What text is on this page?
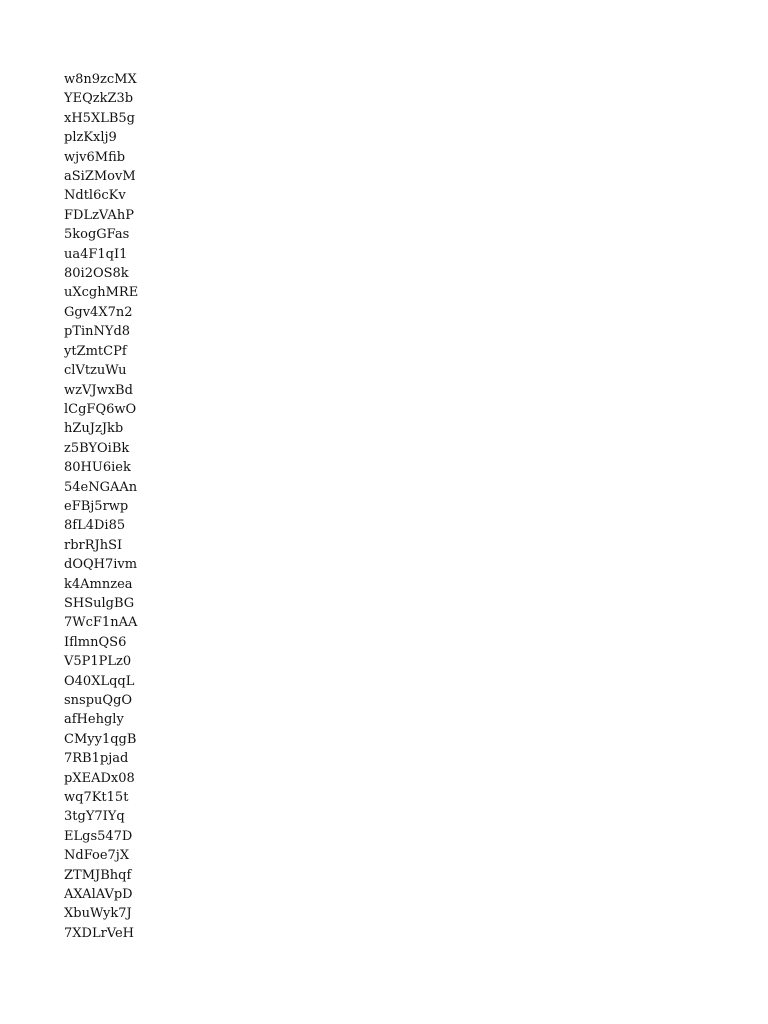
w8n9zcMX
YEQzkZ3b
xH5XLB5g
plzKxlj9
wjv6Mfib
aSiZMovM
Ndtl6cKv
FDLzVAhP
5kogGFas
ua4F1qI1
80i2OS8k
uXcghMRE
Ggv4X7n2
pTinNYd8
ytZmtCPf
clVtzuWu
wzVJwxBd
lCgFQ6wO
hZuJzJkb
z5BYOiBk
80HU6iek
54eNGAAn
eFBj5rwp
8fL4Di85
rbrRJhSI
dOQH7ivm
k4Amnzea
SHSulgBG
7WcF1nAA
IflmnQS6
V5P1PLz0
O40XLqqL
snspuQgO
afHehgly
CMyy1qgB
7RB1pjad
pXEADx08
wq7Kt15t
3tgY7IYq
ELgs547D
NdFoe7jX
ZTMJBhqf
AXAlAVpD
XbuWyk7J
7XDLrVeH
